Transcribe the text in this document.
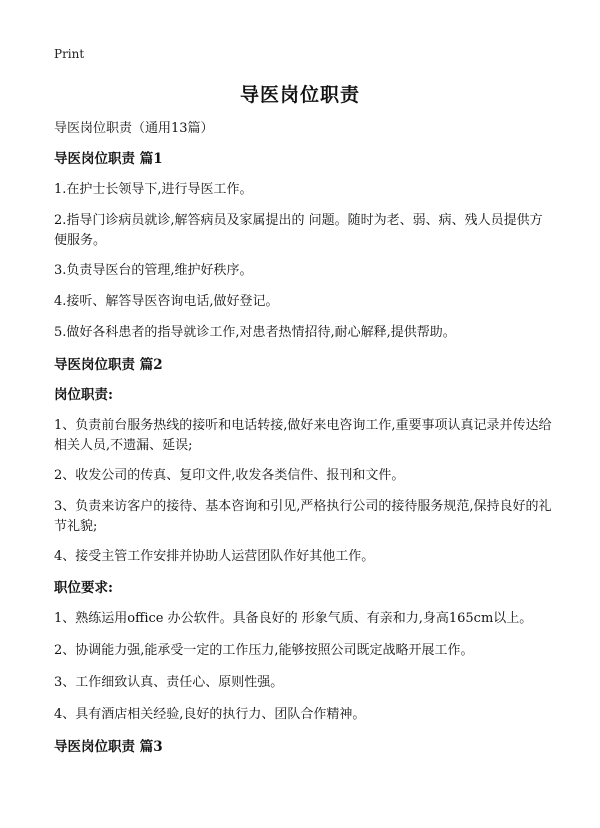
Print
导医岗位职责
导医岗位职责（通用13篇）
导医岗位职责 篇1
1.在护士长领导下,进行导医工作。
2.指导门诊病员就诊,解答病员及家属提出的 问题。随时为老、弱、病、残人员提供方便服务。
3.负责导医台的管理,维护好秩序。
4.接听、解答导医咨询电话,做好登记。
5.做好各科患者的指导就诊工作,对患者热情招待,耐心解释,提供帮助。
导医岗位职责 篇2
岗位职责:
1、负责前台服务热线的接听和电话转接,做好来电咨询工作,重要事项认真记录并传达给相关人员,不遗漏、延误;
2、收发公司的传真、复印文件,收发各类信件、报刊和文件。
3、负责来访客户的接待、基本咨询和引见,严格执行公司的接待服务规范,保持良好的礼节礼貌;
4、接受主管工作安排并协助人运营团队作好其他工作。
职位要求:
1、熟练运用office 办公软件。具备良好的 形象气质、有亲和力,身高165cm以上。
2、协调能力强,能承受一定的工作压力,能够按照公司既定战略开展工作。
3、工作细致认真、责任心、原则性强。
4、具有酒店相关经验,良好的执行力、团队合作精神。
导医岗位职责 篇3
